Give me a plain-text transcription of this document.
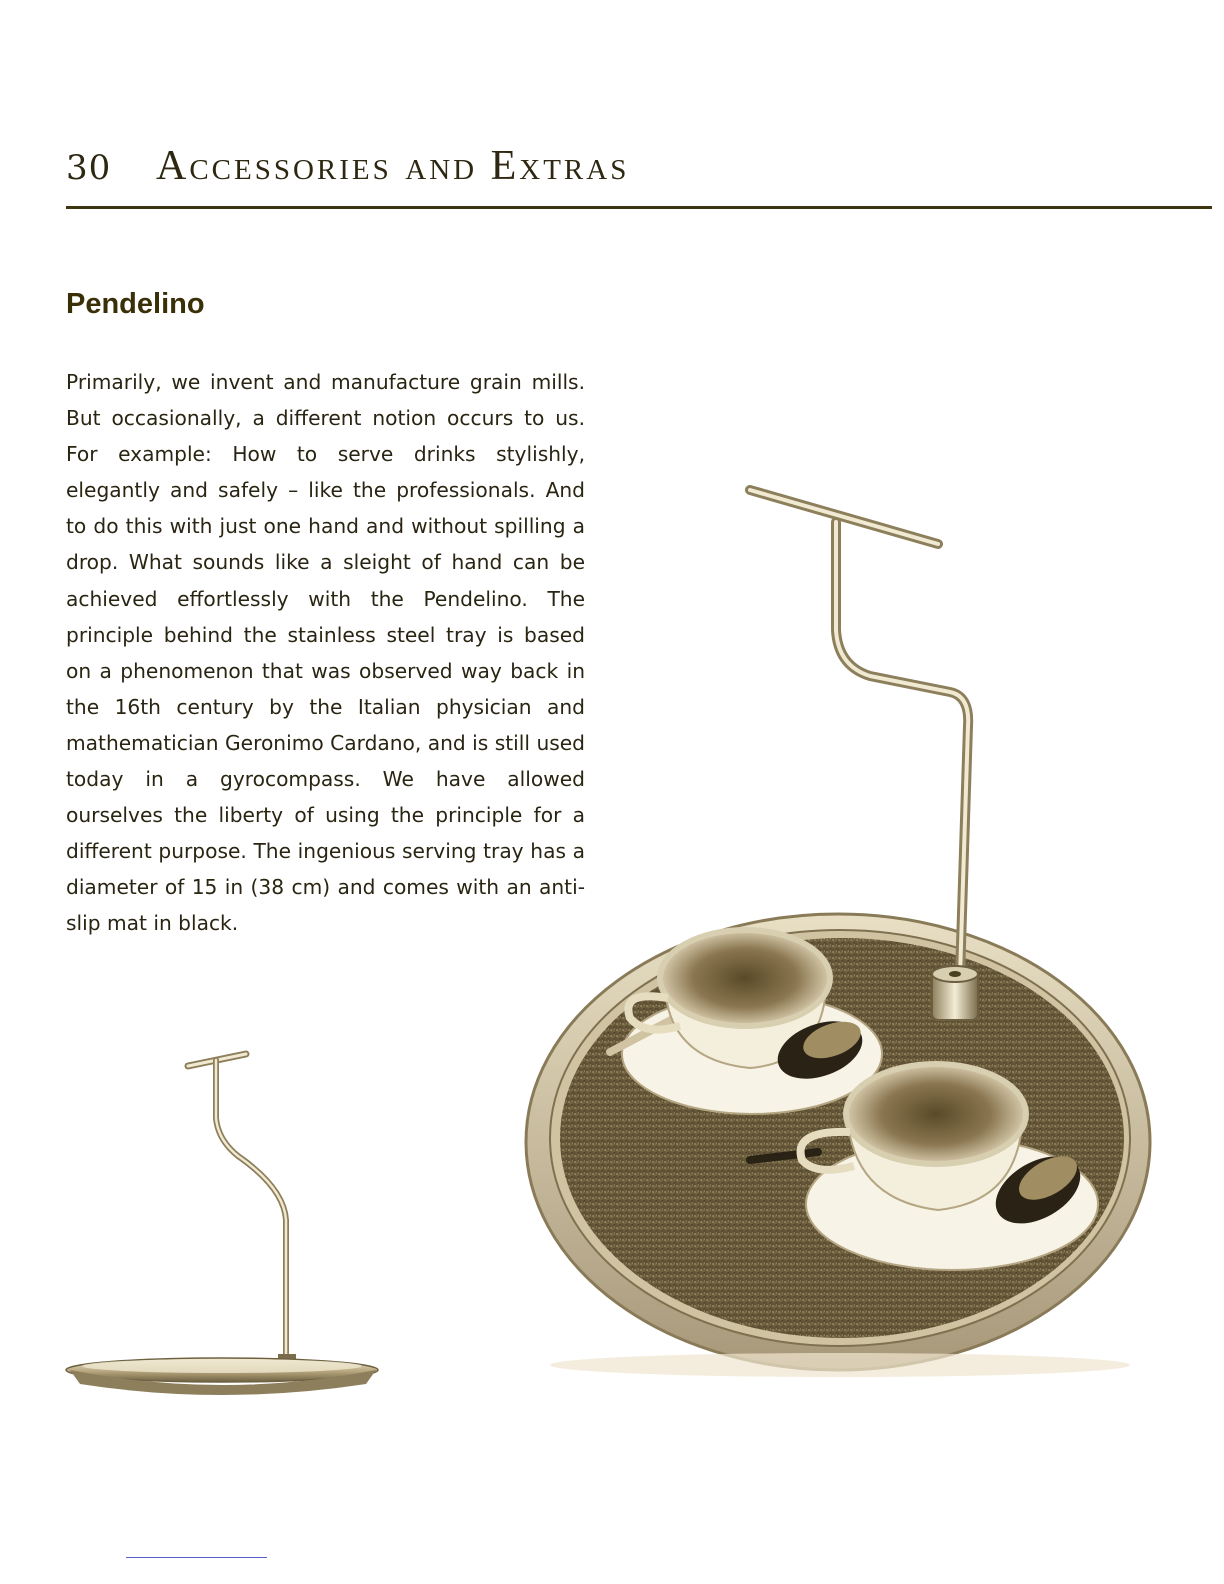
30 Accessories and Extras
Pendelino

Primarily, we invent and manufacture grain mills. But occasionally, a different notion occurs to us. For example: How to serve drinks stylishly, elegantly and safely – like the professionals. And to do this with just one hand and without spilling a drop. What sounds like a sleight of hand can be achieved effortlessly with the Pendelino. The principle behind the stainless steel tray is based on a phenomenon that was observed way back in the 16th century by the Italian physician and mathematician Geronimo Cardano, and is still used today in a gyrocompass. We have allowed ourselves the liberty of using the principle for a different purpose. The ingenious serving tray has a diameter of 15 in (38 cm) and comes with an anti-slip mat in black.
